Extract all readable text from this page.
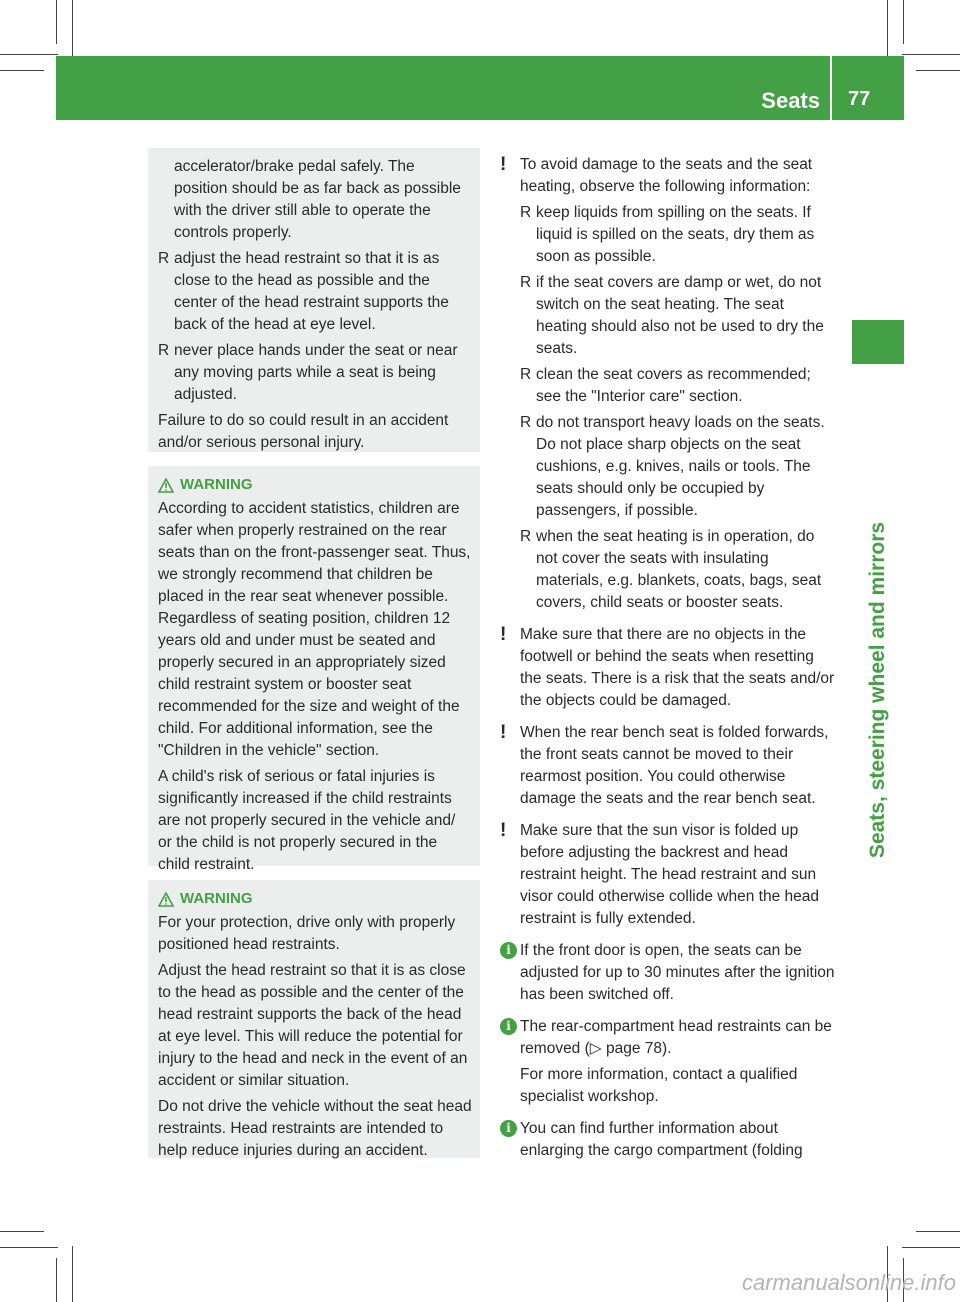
Seats 77
Seats, steering wheel and mirrors

accelerator/brake pedal safely. The position should be as far back as possible with the driver still able to operate the controls properly.

R adjust the head restraint so that it is as close to the head as possible and the center of the head restraint supports the back of the head at eye level.
R never place hands under the seat or near any moving parts while a seat is being adjusted.

Failure to do so could result in an accident and/or serious personal injury.

WARNING

According to accident statistics, children are safer when properly restrained on the rear seats than on the front-passenger seat. Thus, we strongly recommend that children be placed in the rear seat whenever possible. Regardless of seating position, children 12 years old and under must be seated and properly secured in an appropriately sized child restraint system or booster seat recommended for the size and weight of the child. For additional information, see the "Children in the vehicle" section.

A child's risk of serious or fatal injuries is significantly increased if the child restraints are not properly secured in the vehicle and/ or the child is not properly secured in the child restraint.

WARNING

For your protection, drive only with properly positioned head restraints.

Adjust the head restraint so that it is as close to the head as possible and the center of the head restraint supports the back of the head at eye level. This will reduce the potential for injury to the head and neck in the event of an accident or similar situation.

Do not drive the vehicle without the seat head restraints. Head restraints are intended to help reduce injuries during an accident.

! To avoid damage to the seats and the seat heating, observe the following information:

R keep liquids from spilling on the seats. If liquid is spilled on the seats, dry them as soon as possible.
R if the seat covers are damp or wet, do not switch on the seat heating. The seat heating should also not be used to dry the seats.
R clean the seat covers as recommended; see the "Interior care" section.
R do not transport heavy loads on the seats. Do not place sharp objects on the seat cushions, e.g. knives, nails or tools. The seats should only be occupied by passengers, if possible.
R when the seat heating is in operation, do not cover the seats with insulating materials, e.g. blankets, coats, bags, seat covers, child seats or booster seats.
! Make sure that there are no objects in the footwell or behind the seats when resetting the seats. There is a risk that the seats and/or the objects could be damaged.

! When the rear bench seat is folded forwards, the front seats cannot be moved to their rearmost position. You could otherwise damage the seats and the rear bench seat.

! Make sure that the sun visor is folded up before adjusting the backrest and head restraint height. The head restraint and sun visor could otherwise collide when the head restraint is fully extended.

i If the front door is open, the seats can be adjusted for up to 30 minutes after the ignition has been switched off.

i The rear-compartment head restraints can be removed (▷ page 78).

For more information, contact a qualified specialist workshop.

i You can find further information about enlarging the cargo compartment (folding

carmanualsonline.info
